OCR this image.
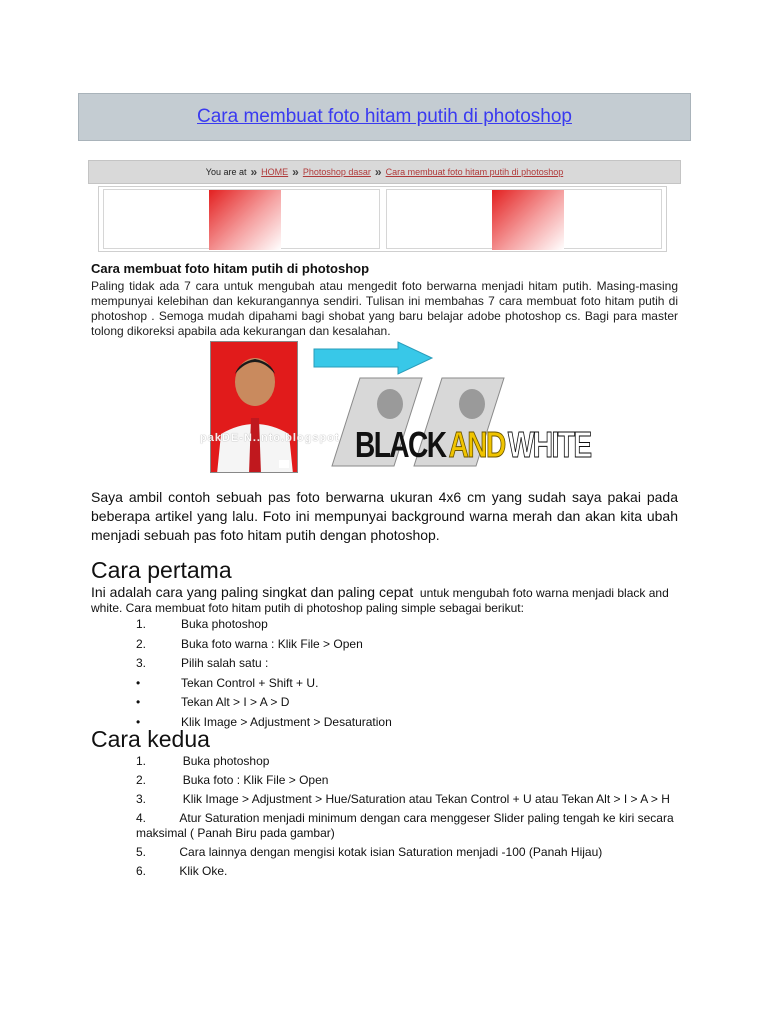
Cara membuat foto hitam putih di photoshop
You are at » HOME » Photoshop dasar » Cara membuat foto hitam putih di photoshop
Cara membuat foto hitam putih di photoshop

Paling tidak ada 7 cara untuk mengubah atau mengedit foto berwarna menjadi hitam putih. Masing-masing mempunyai kelebihan dan kekurangannya sendiri. Tulisan ini membahas 7 cara membuat foto hitam putih di photoshop . Semoga mudah dipahami bagi shobat yang baru belajar adobe photoshop cs. Bagi para master tolong dikoreksi apabila ada kekurangan dan kesalahan.

BLACKANDWHITE
pakDE-N..nto.blogspot

Saya ambil contoh sebuah pas foto berwarna ukuran 4x6 cm yang sudah saya pakai pada beberapa artikel yang lalu. Foto ini mempunyai background warna merah dan akan kita ubah menjadi sebuah pas foto hitam putih dengan photoshop.

Cara pertama

Ini adalah cara yang paling singkat dan paling cepat untuk mengubah foto warna menjadi black and white. Cara membuat foto hitam putih di photoshop paling simple sebagai berikut:

1.	Buka photoshop
2.	Buka foto warna : Klik File > Open
3.	Pilih salah satu :
•	Tekan Control + Shift + U.
•	Tekan Alt > I > A > D
•	Klik Image > Adjustment > Desaturation
Cara kedua
1.	Buka photoshop
2.	Buka foto : Klik File > Open
3.	Klik Image > Adjustment > Hue/Saturation atau Tekan Control + U atau Tekan Alt > I > A > H
4.	Atur Saturation menjadi minimum dengan cara menggeser Slider paling tengah ke kiri secara maksimal ( Panah Biru pada gambar)
5.	Cara lainnya dengan mengisi kotak isian Saturation menjadi -100 (Panah Hijau)
6.	Klik Oke.
